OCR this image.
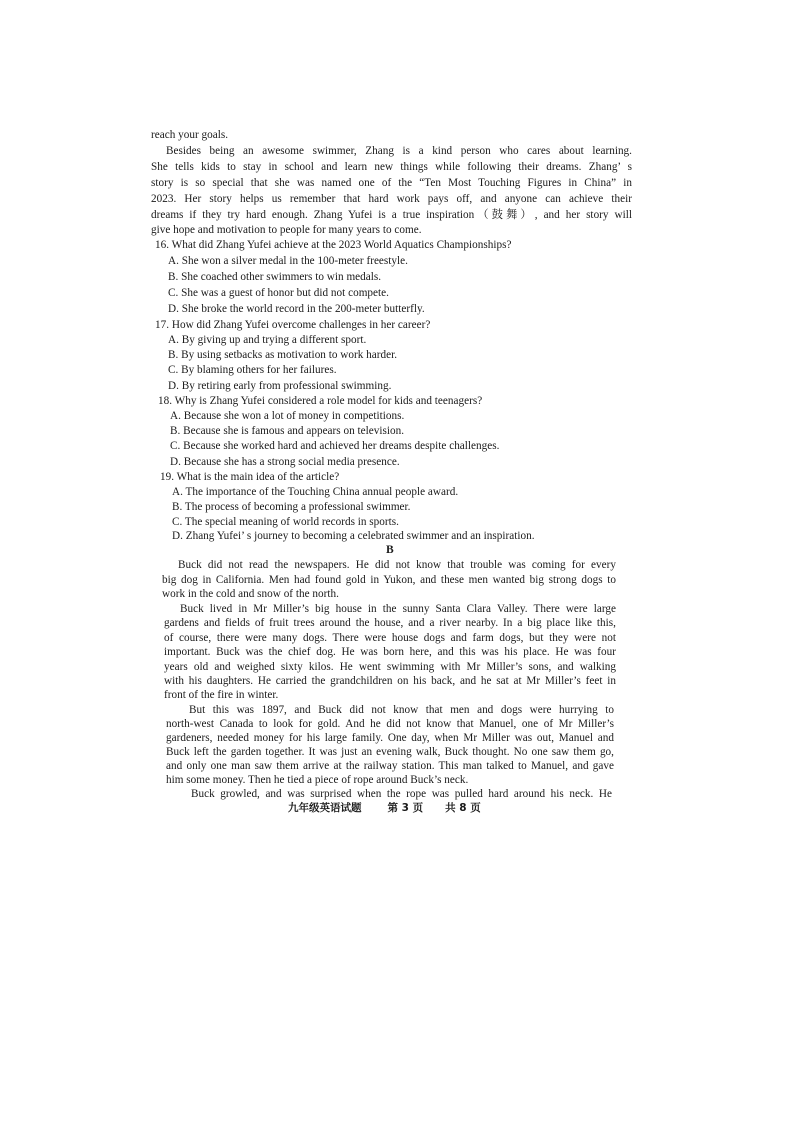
reach your goals.
Besides being an awesome swimmer, Zhang is a kind person who cares about learning.
She tells kids to stay in school and learn new things while following their dreams. Zhang’ s
story is so special that she was named one of the “Ten Most Touching Figures in China” in
2023. Her story helps us remember that hard work pays off, and anyone can achieve their
dreams if they try hard enough. Zhang Yufei is a true inspiration（鼓舞）, and her story will
give hope and motivation to people for many years to come.
16. What did Zhang Yufei achieve at the 2023 World Aquatics Championships?
A. She won a silver medal in the 100-meter freestyle.
B. She coached other swimmers to win medals.
C. She was a guest of honor but did not compete.
D. She broke the world record in the 200-meter butterfly.
17. How did Zhang Yufei overcome challenges in her career?
A. By giving up and trying a different sport.
B. By using setbacks as motivation to work harder.
C. By blaming others for her failures.
D. By retiring early from professional swimming.
18. Why is Zhang Yufei considered a role model for kids and teenagers?
A. Because she won a lot of money in competitions.
B. Because she is famous and appears on television.
C. Because she worked hard and achieved her dreams despite challenges.
D. Because she has a strong social media presence.
19. What is the main idea of the article?
A. The importance of the Touching China annual people award.
B. The process of becoming a professional swimmer.
C. The special meaning of world records in sports.
D. Zhang Yufei’ s journey to becoming a celebrated swimmer and an inspiration.
B
Buck did not read the newspapers. He did not know that trouble was coming for every
big dog in California. Men had found gold in Yukon, and these men wanted big strong dogs to
work in the cold and snow of the north.
Buck lived in Mr Miller’s big house in the sunny Santa Clara Valley. There were large
gardens and fields of fruit trees around the house, and a river nearby. In a big place like this,
of course, there were many dogs. There were house dogs and farm dogs, but they were not
important. Buck was the chief dog. He was born here, and this was his place. He was four
years old and weighed sixty kilos. He went swimming with Mr Miller’s sons, and walking
with his daughters. He carried the grandchildren on his back, and he sat at Mr Miller’s feet in
front of the fire in winter.
But this was 1897, and Buck did not know that men and dogs were hurrying to
north-west Canada to look for gold. And he did not know that Manuel, one of Mr Miller’s
gardeners, needed money for his large family. One day, when Mr Miller was out, Manuel and
Buck left the garden together. It was just an evening walk, Buck thought. No one saw them go,
and only one man saw them arrive at the railway station. This man talked to Manuel, and gave
him some money. Then he tied a piece of rope around Buck’s neck.
Buck growled, and was surprised when the rope was pulled hard around his neck. He
九年级英语试题 第 3 页 共 8 页
